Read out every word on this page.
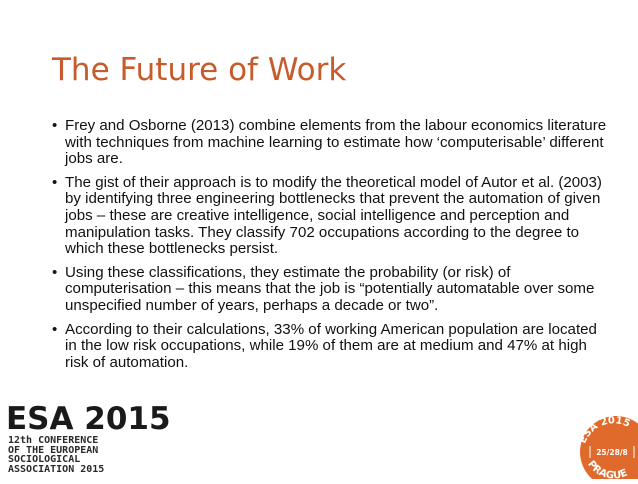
The Future of Work
• Frey and Osborne (2013) combine elements from the labour economics literature with techniques from machine learning to estimate how ‘computerisable’ different jobs are.
• The gist of their approach is to modify the theoretical model of Autor et al. (2003) by identifying three engineering bottlenecks that prevent the automation of given jobs – these are creative intelligence, social intelligence and perception and manipulation tasks. They classify 702 occupations according to the degree to which these bottlenecks persist.
• Using these classifications, they estimate the probability (or risk) of computerisation – this means that the job is “potentially automatable over some unspecified number of years, perhaps a decade or two”.
• According to their calculations, 33% of working American population are located in the low risk occupations, while 19% of them are at medium and 47% at high risk of automation.
ESA 2015
12th CONFERENCE
OF THE EUROPEAN
SOCIOLOGICAL
ASSOCIATION 2015
ESA 2015
25/28/8
PRAGUE
